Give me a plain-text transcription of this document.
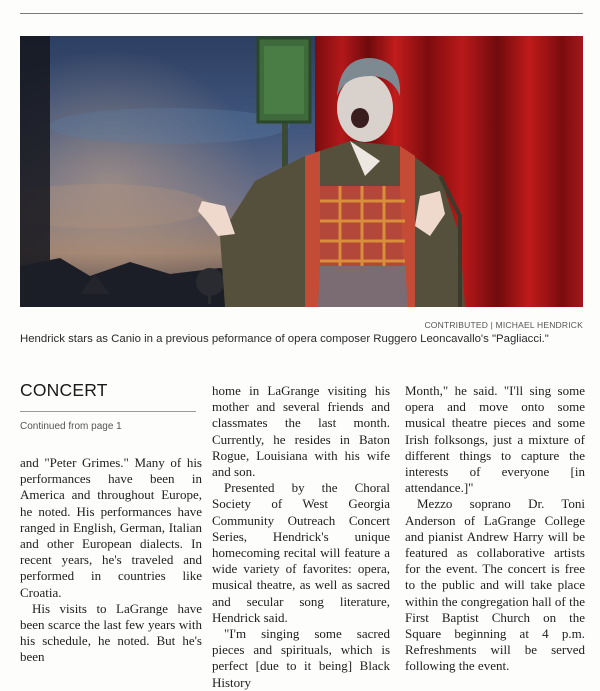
CONTRIBUTED | MICHAEL HENDRICK
Hendrick stars as Canio in a previous peformance of opera composer Ruggero Leoncavallo's "Pagliacci."
CONCERT
Continued from page 1

and "Peter Grimes." Many of his performances have been in America and throughout Europe, he noted. His performances have ranged in English, German, Italian and other European dialects. In recent years, he's traveled and performed in countries like Croatia.

His visits to LaGrange have been scarce the last few years with his schedule, he noted. But he's been

home in LaGrange visiting his mother and several friends and classmates the last month. Currently, he resides in Baton Rogue, Louisiana with his wife and son.

Presented by the Choral Society of West Georgia Community Outreach Concert Series, Hendrick's unique homecoming recital will feature a wide variety of favorites: opera, musical theatre, as well as sacred and secular song literature, Hendrick said.

"I'm singing some sacred pieces and spirituals, which is perfect [due to it being] Black History

Month," he said. "I'll sing some opera and move onto some musical theatre pieces and some Irish folksongs, just a mixture of different things to capture the interests of everyone [in attendance.]"

Mezzo soprano Dr. Toni Anderson of LaGrange College and pianist Andrew Harry will be featured as collaborative artists for the event. The concert is free to the public and will take place within the congregation hall of the First Baptist Church on the Square beginning at 4 p.m. Refreshments will be served following the event.
